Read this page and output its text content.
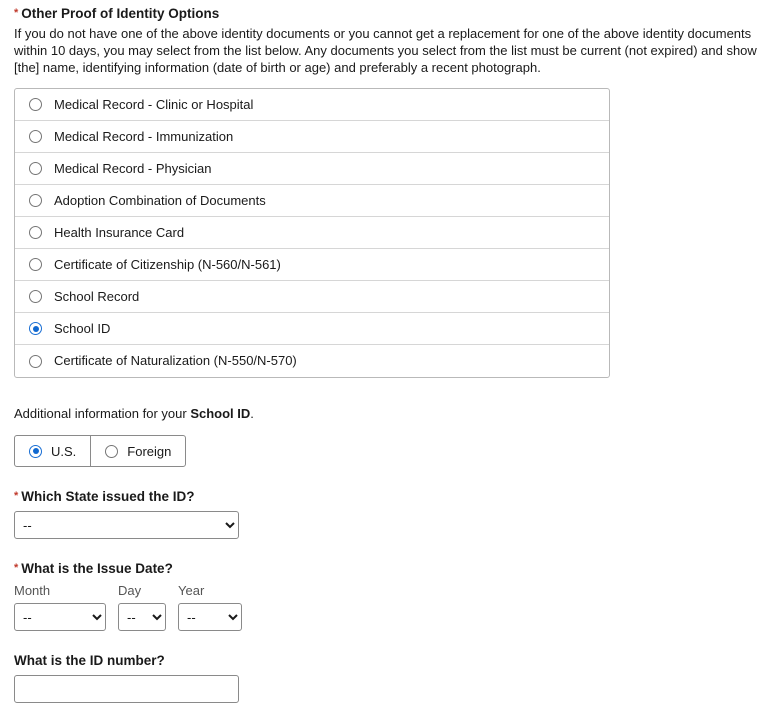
* Other Proof of Identity Options

If you do not have one of the above identity documents or you cannot get a replacement for one of the above identity documents within 10 days, you may select from the list below. Any documents you select from the list must be current (not expired) and show [the] name, identifying information (date of birth or age) and preferably a recent photograph.

Medical Record - Clinic or Hospital
Medical Record - Immunization
Medical Record - Physician
Adoption Combination of Documents
Health Insurance Card
Certificate of Citizenship (N-560/N-561)
School Record
School ID
Certificate of Naturalization (N-550/N-570)
Additional information for your School ID.
U.S.	Foreign
* Which State issued the ID?
--
* What is the Issue Date?
Month
--	Day
--	Year
--
What is the ID number?
